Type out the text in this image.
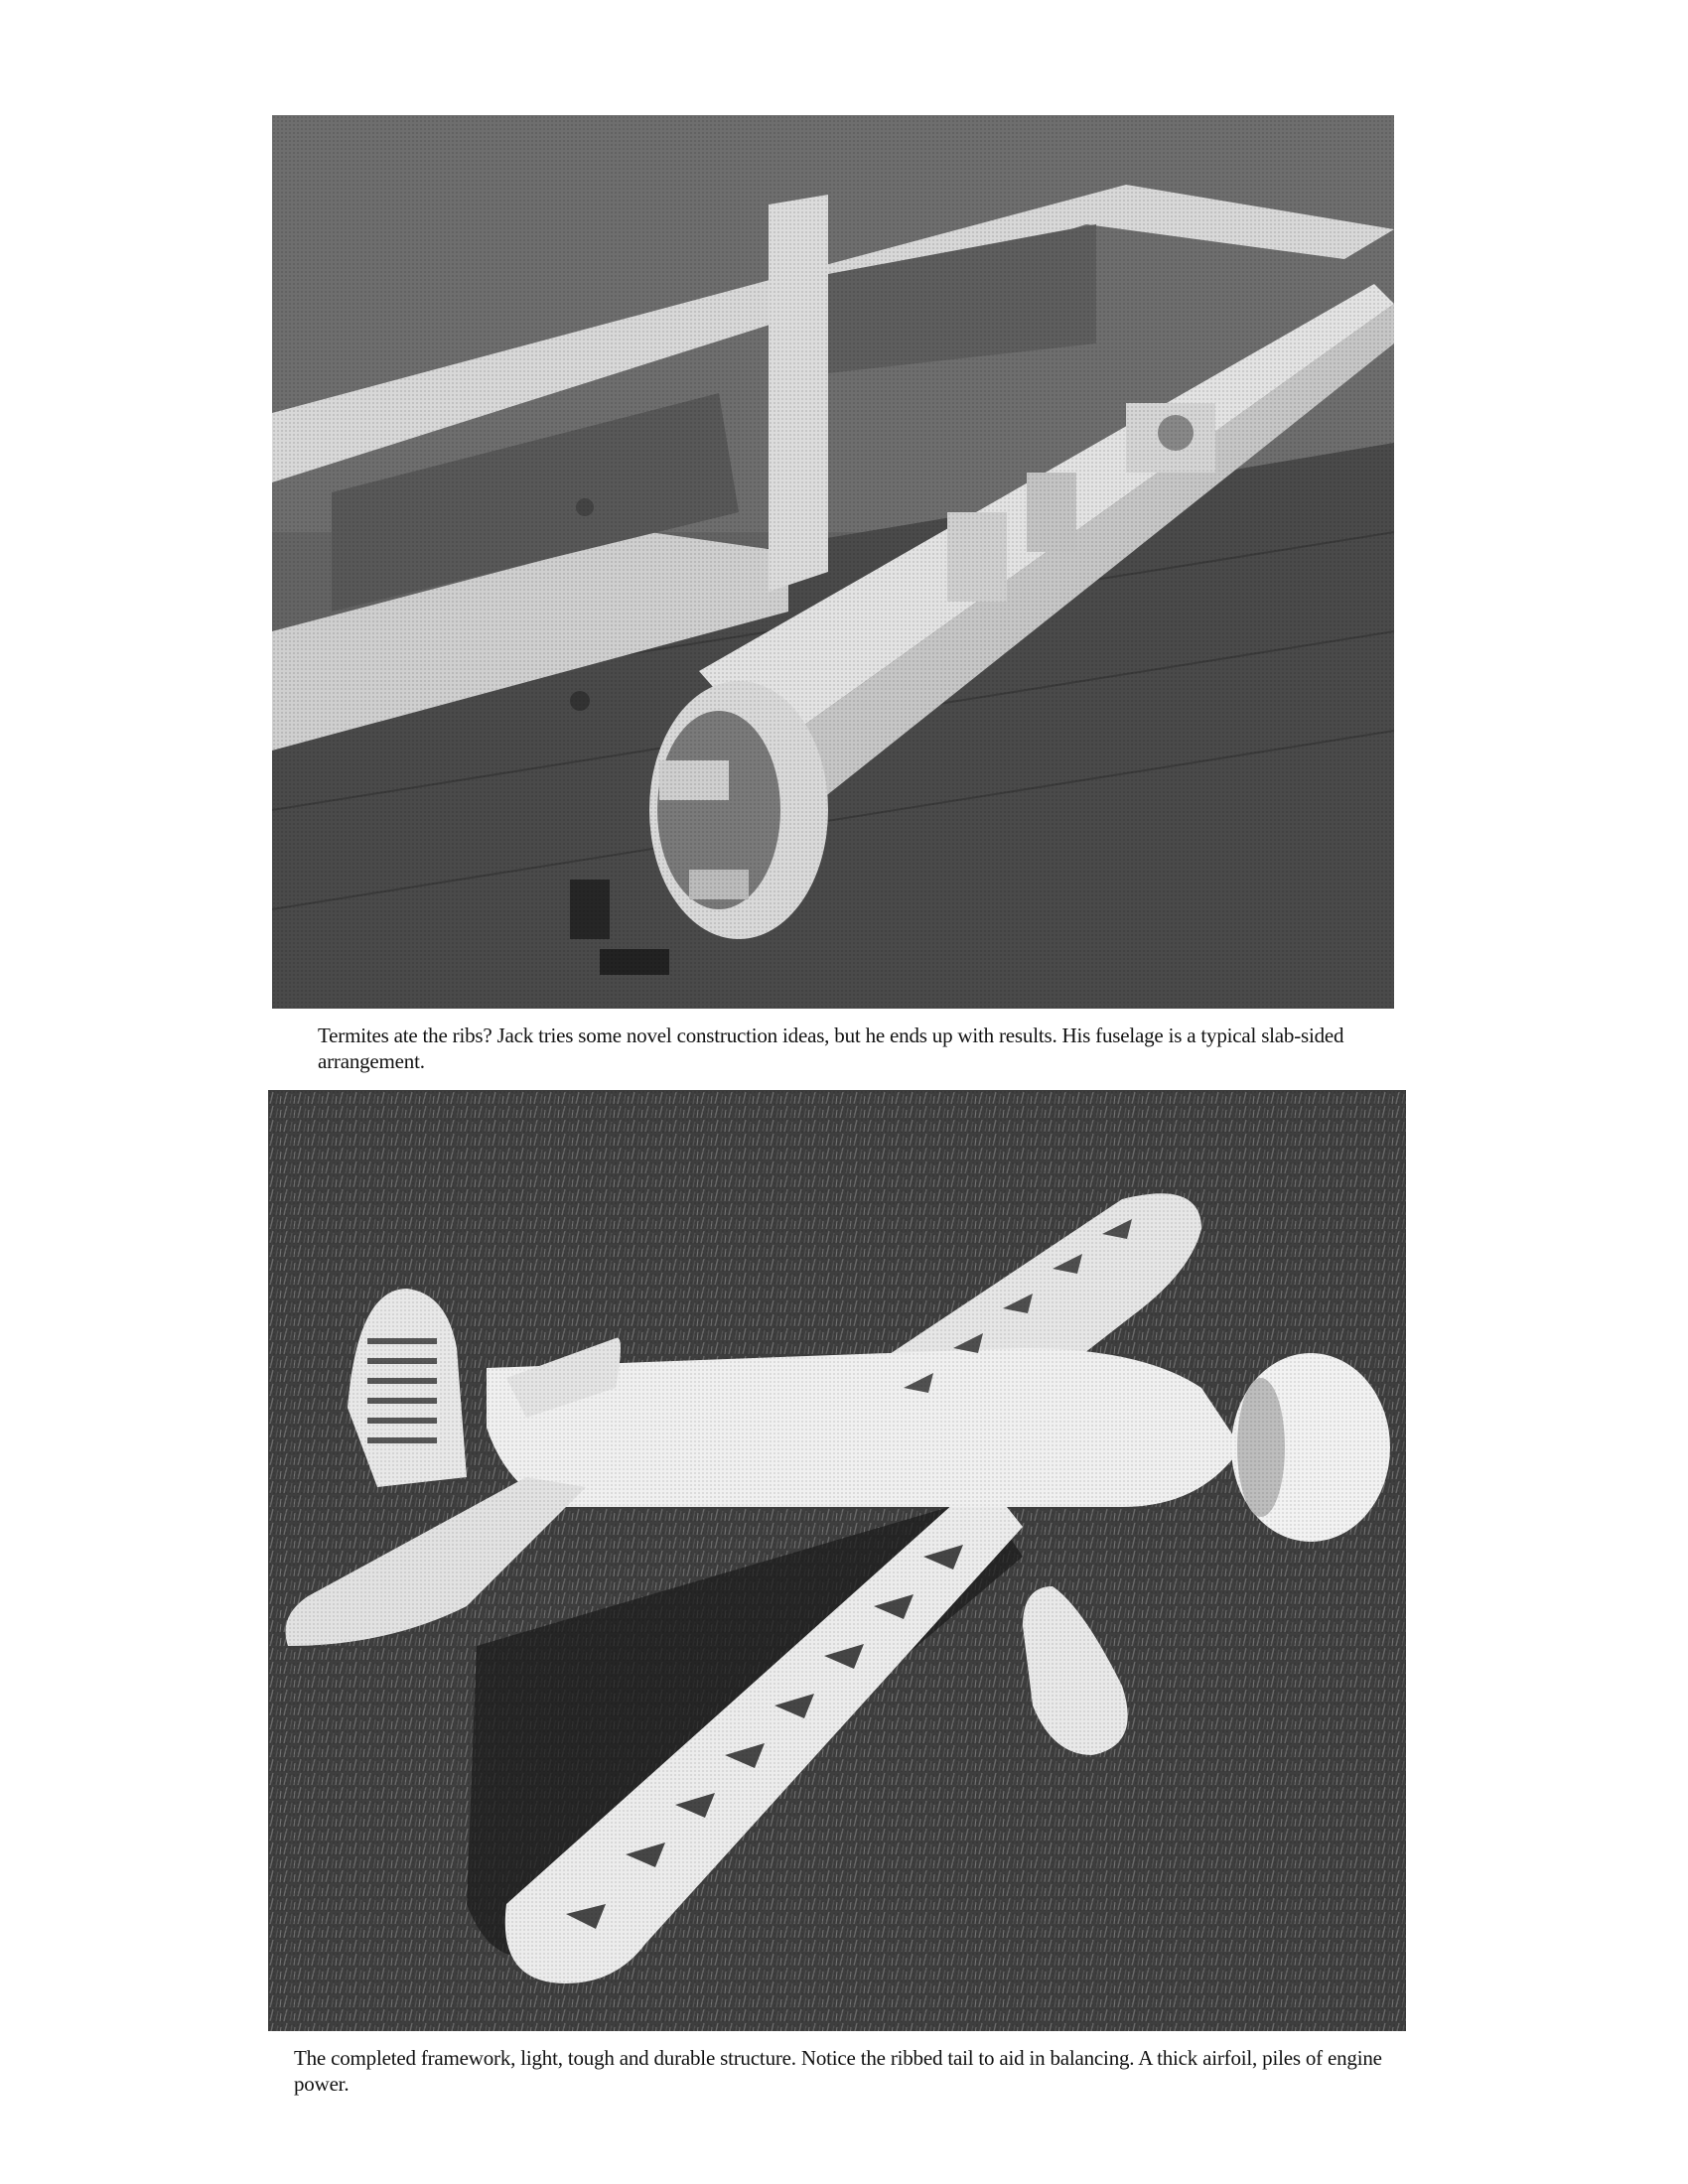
Termites ate the ribs? Jack tries some novel construction ideas, but he ends up with results. His fuselage is a typical slab-sided arrangement.
The completed framework, light, tough and durable structure. Notice the ribbed tail to aid in balancing. A thick airfoil, piles of engine power.
